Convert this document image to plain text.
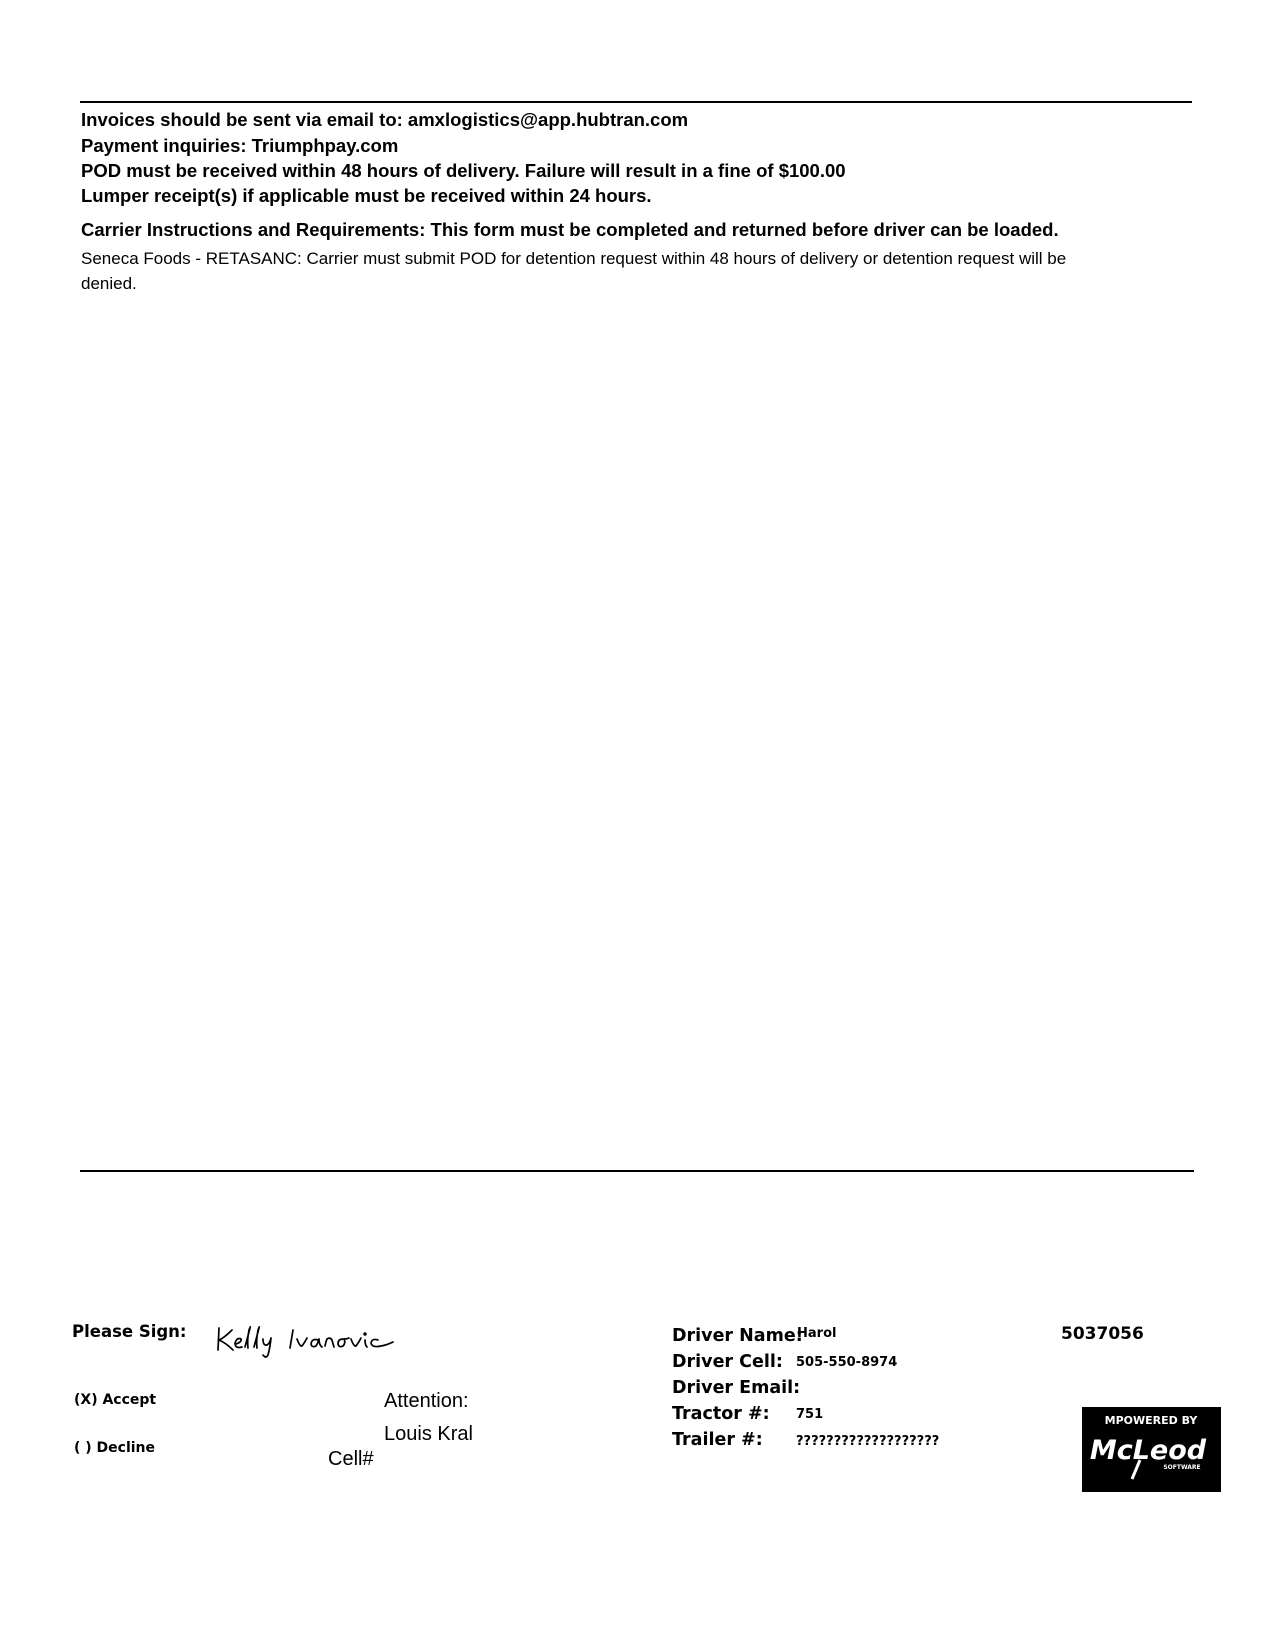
Invoices should be sent via email to: amxlogistics@app.hubtran.com
Payment inquiries: Triumphpay.com
POD must be received within 48 hours of delivery. Failure will result in a fine of $100.00
Lumper receipt(s) if applicable must be received within 24 hours.
Carrier Instructions and Requirements: This form must be completed and returned before driver can be loaded.
Seneca Foods - RETASANC: Carrier must submit POD for detention request within 48 hours of delivery or detention request will be denied.
Please Sign:
(X) Accept
( ) Decline
Attention:
Louis Kral
Cell#
Driver Name:
Harol
Driver Cell: 505-550-8974
Driver Email:
Tractor #: 751
Trailer #:	???????????????????
5037056
MPOWERED BY
McLeod
SOFTWARE
